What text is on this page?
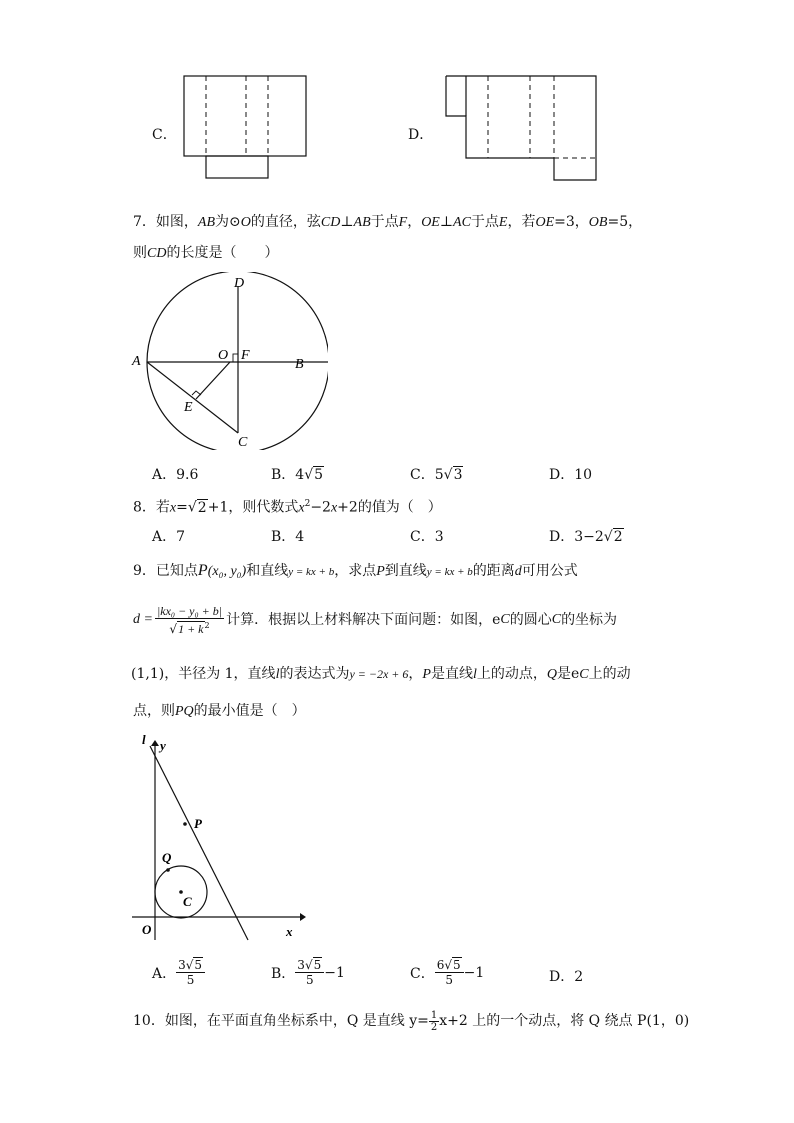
C．	D．
7．如图，AB为⊙O的直径，弦CD⊥AB于点F，OE⊥AC于点E，若OE=3，OB=5，
则CD的长度是（　　）
A	B
D
C
O F
E
A．9.6	B．4√5	C．5√3	D．10
8．若x=√2+1，则代数式$x^2-2x+2$的值为（　）
A．7	B．4	C．3	D．3−2√2
9．已知点P(x₀, y₀)和直线y = kx + b，求点P到直线y = kx + b的距离d可用公式
$d = \frac{\text{|kx₀ − y₀ + b|}}{√1 + k^2}$ 计算．根据以上材料解决下面问题：如图， e C 的圆心 C 的坐标为
(1,1)，半径为 1，直线l的表达式为y = −2x + 6，P是直线l上的动点，Q是eC上的动
点，则PQ的最小值是（　）
l y
P
Q
C
O	x
A． $\frac{3√5}{5}$	B． $\frac{3√5}{5} -1$	C． $\frac{6√5}{5} -1$	D．2
10．如图，在平面直角坐标系中，Q 是直线 $y= \frac{1}{2} x+2$ 上的一个动点，将 Q 绕点 P(1，0)
